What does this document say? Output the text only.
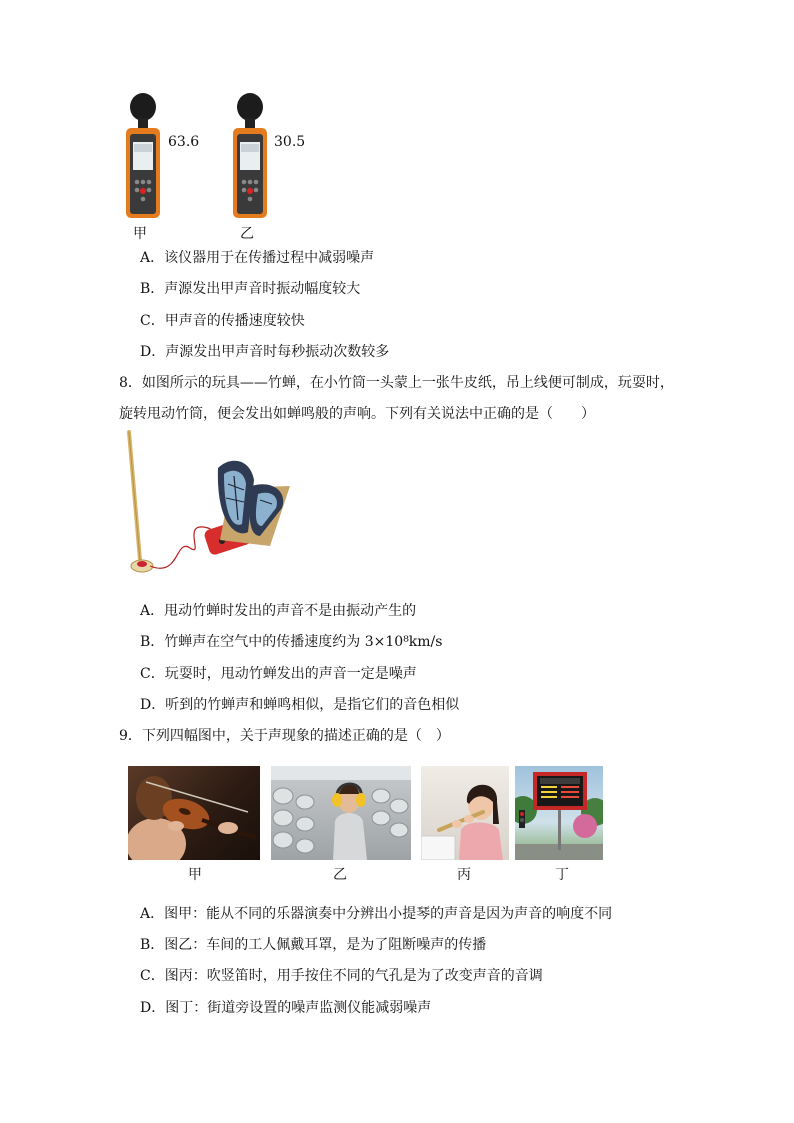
63.6	30.5
甲	乙
A．该仪器用于在传播过程中减弱噪声
B．声源发出甲声音时振动幅度较大
C．甲声音的传播速度较快
D．声源发出甲声音时每秒振动次数较多
8．如图所示的玩具——竹蝉，在小竹筒一头蒙上一张牛皮纸，吊上线便可制成，玩耍时，
旋转甩动竹筒，便会发出如蝉鸣般的声响。下列有关说法中正确的是（　　）
A．甩动竹蝉时发出的声音不是由振动产生的
B．竹蝉声在空气中的传播速度约为 3×10⁸km/s
C．玩耍时，甩动竹蝉发出的声音一定是噪声
D．听到的竹蝉声和蝉鸣相似，是指它们的音色相似
9．下列四幅图中，关于声现象的描述正确的是（　）
甲	乙	丙	丁
A．图甲：能从不同的乐器演奏中分辨出小提琴的声音是因为声音的响度不同
B．图乙：车间的工人佩戴耳罩，是为了阻断噪声的传播
C．图丙：吹竖笛时，用手按住不同的气孔是为了改变声音的音调
D．图丁：街道旁设置的噪声监测仪能减弱噪声
